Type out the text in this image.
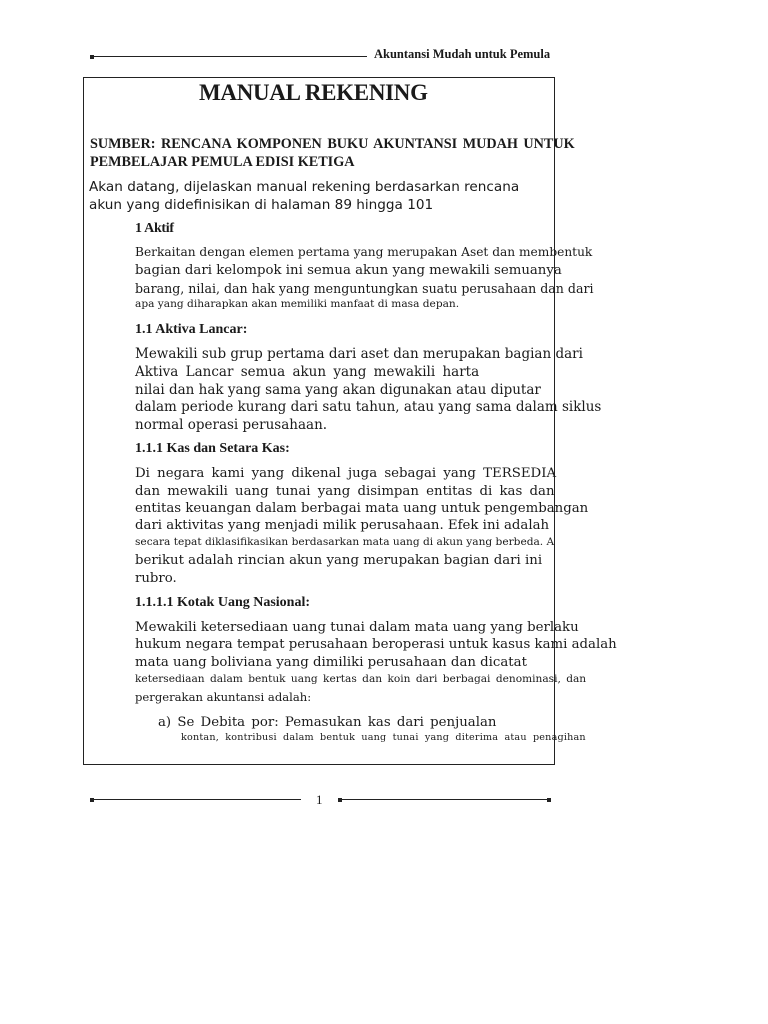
Akuntansi Mudah untuk Pemula
MANUAL REKENING
SUMBER: RENCANA KOMPONEN BUKU AKUNTANSI MUDAH UNTUK
PEMBELAJAR PEMULA EDISI KETIGA
Akan datang, dijelaskan manual rekening berdasarkan rencana
akun yang didefinisikan di halaman 89 hingga 101
1 Aktif
Berkaitan dengan elemen pertama yang merupakan Aset dan membentuk
bagian dari kelompok ini semua akun yang mewakili semuanya
barang, nilai, dan hak yang menguntungkan suatu perusahaan dan dari
apa yang diharapkan akan memiliki manfaat di masa depan.
1.1 Aktiva Lancar:
Mewakili sub grup pertama dari aset dan merupakan bagian dari
Aktiva Lancar semua akun yang mewakili harta
nilai dan hak yang sama yang akan digunakan atau diputar
dalam periode kurang dari satu tahun, atau yang sama dalam siklus
normal operasi perusahaan.
1.1.1 Kas dan Setara Kas:
Di negara kami yang dikenal juga sebagai yang TERSEDIA
dan mewakili uang tunai yang disimpan entitas di kas dan
entitas keuangan dalam berbagai mata uang untuk pengembangan
dari aktivitas yang menjadi milik perusahaan. Efek ini adalah
secara tepat diklasifikasikan berdasarkan mata uang di akun yang berbeda. A
berikut adalah rincian akun yang merupakan bagian dari ini
rubro.
1.1.1.1 Kotak Uang Nasional:
Mewakili ketersediaan uang tunai dalam mata uang yang berlaku
hukum negara tempat perusahaan beroperasi untuk kasus kami adalah
mata uang boliviana yang dimiliki perusahaan dan dicatat
ketersediaan dalam bentuk uang kertas dan koin dari berbagai denominasi, dan
pergerakan akuntansi adalah:
a) Se Debita por: Pemasukan kas dari penjualan
kontan, kontribusi dalam bentuk uang tunai yang diterima atau penagihan
1
